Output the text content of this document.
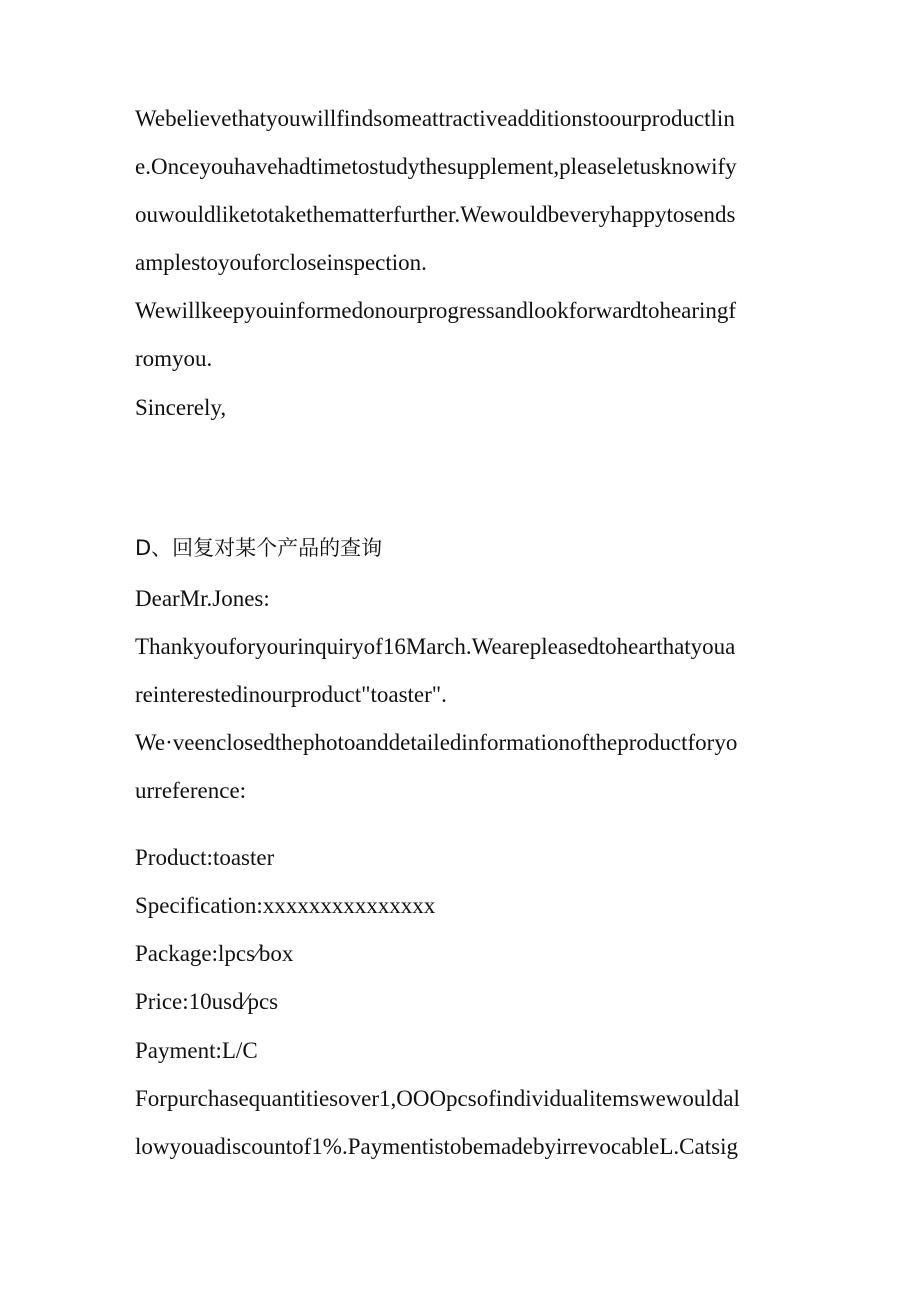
Webelievethatyouwillfindsomeattractiveadditionstoourproductlin
e.Onceyouhavehadtimetostudythesupplement,pleaseletusknowify
ouwouldliketotakethematterfurther.Wewouldbeveryhappytosends
amplestoyouforcloseinspection.
Wewillkeepyouinformedonourprogressandlookforwardtohearingf
romyou.
Sincerely,
D、回复对某个产品的查询
DearMr.Jones:
Thankyouforyourinquiryof16March.Wearepleasedtohearthatyoua
reinterestedinourproduct"toaster".
We·veenclosedthephotoanddetailedinformationoftheproductforyo
urreference:
Product:toaster
Specification:xxxxxxxxxxxxxxx
Package:lpcs⁄box
Price:10usd⁄pcs
Payment:L/C
Forpurchasequantitiesover1,OOOpcsofindividualitemswewouldal
lowyouadiscountof1%.PaymentistobemadebyirrevocableL.Catsig
